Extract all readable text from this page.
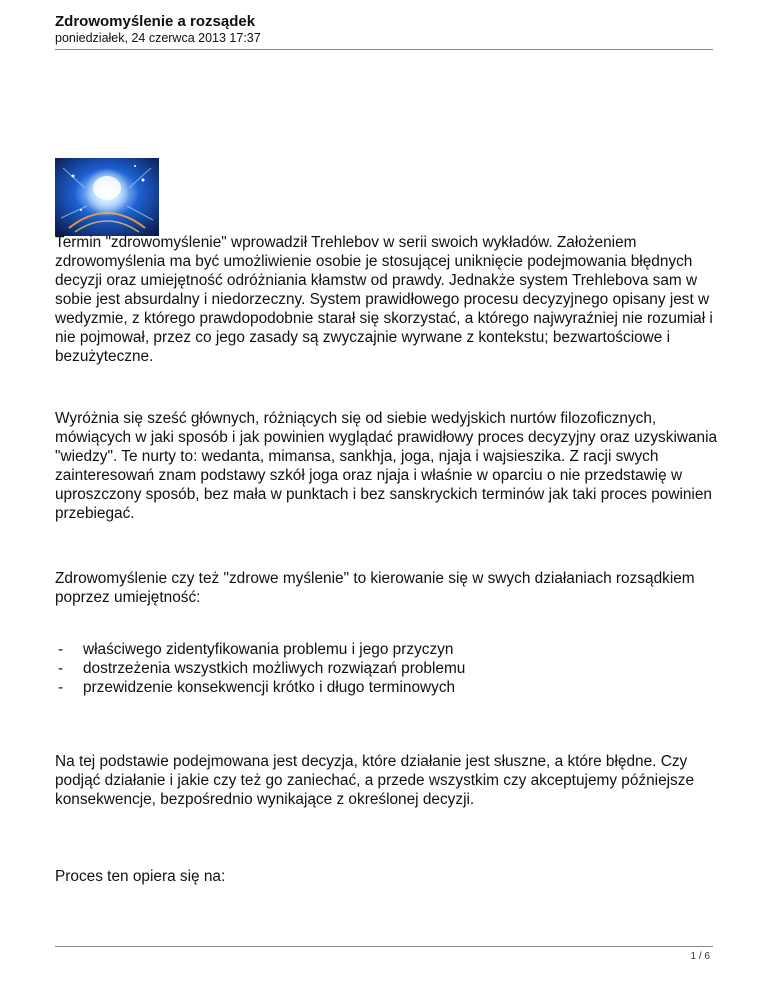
Zdrowomyślenie a rozsądek
poniedziałek, 24 czerwca 2013 17:37

Termin "zdrowomyślenie" wprowadził Trehlebov w serii swoich wykładów. Założeniem zdrowomyślenia ma być umożliwienie osobie je stosującej uniknięcie podejmowania błędnych decyzji oraz umiejętność odróżniania kłamstw od prawdy. Jednakże system Trehlebova sam w sobie jest absurdalny i niedorzeczny. System prawidłowego procesu decyzyjnego opisany jest w wedyzmie, z którego prawdopodobnie starał się skorzystać, a którego najwyraźniej nie rozumiał i nie pojmował, przez co jego zasady są zwyczajnie wyrwane z kontekstu; bezwartościowe i bezużyteczne.

Wyróżnia się sześć głównych, różniących się od siebie wedyjskich nurtów filozoficznych, mówiących w jaki sposób i jak powinien wyglądać prawidłowy proces decyzyjny oraz uzyskiwania "wiedzy". Te nurty to: wedanta, mimansa, sankhja, joga, njaja i wajsieszika. Z racji swych zainteresowań znam podstawy szkół joga oraz njaja i właśnie w oparciu o nie przedstawię w uproszczony sposób, bez mała w punktach i bez sanskryckich terminów jak taki proces powinien przebiegać.

Zdrowomyślenie czy też "zdrowe myślenie" to kierowanie się w swych działaniach rozsądkiem poprzez umiejętność:

- właściwego zidentyfikowania problemu i jego przyczyn
- dostrzeżenia wszystkich możliwych rozwiązań problemu
- przewidzenie konsekwencji krótko i długo terminowych

Na tej podstawie podejmowana jest decyzja, które działanie jest słuszne, a które błędne. Czy podjąć działanie i jakie czy też go zaniechać, a przede wszystkim czy akceptujemy późniejsze konsekwencje, bezpośrednio wynikające z określonej decyzji.

Proces ten opiera się na:

1 / 6
